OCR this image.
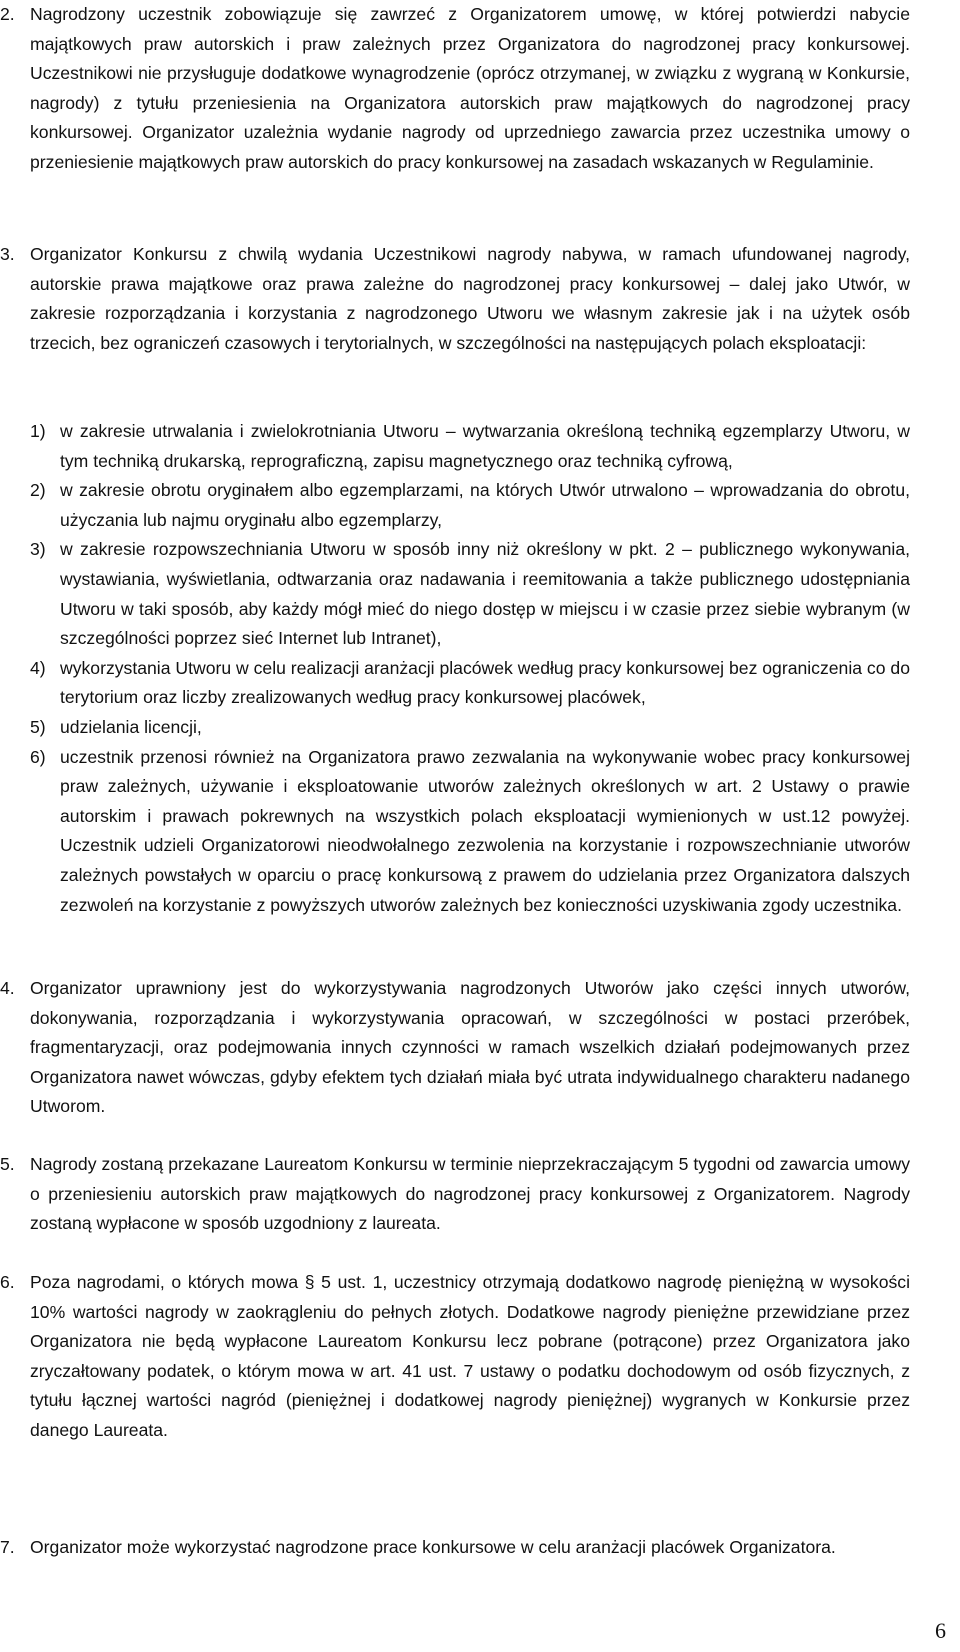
2. Nagrodzony uczestnik zobowiązuje się zawrzeć z Organizatorem umowę, w której potwierdzi nabycie majątkowych praw autorskich i praw zależnych przez Organizatora do nagrodzonej pracy konkursowej. Uczestnikowi nie przysługuje dodatkowe wynagrodzenie (oprócz otrzymanej, w związku z wygraną w Konkursie, nagrody) z tytułu przeniesienia na Organizatora autorskich praw majątkowych do nagrodzonej pracy konkursowej. Organizator uzależnia wydanie nagrody od uprzedniego zawarcia przez uczestnika umowy o przeniesienie majątkowych praw autorskich do pracy konkursowej na zasadach wskazanych w Regulaminie.
3. Organizator Konkursu z chwilą wydania Uczestnikowi nagrody nabywa, w ramach ufundowanej nagrody, autorskie prawa majątkowe oraz prawa zależne do nagrodzonej pracy konkursowej – dalej jako Utwór, w zakresie rozporządzania i korzystania z nagrodzonego Utworu we własnym zakresie jak i na użytek osób trzecich, bez ograniczeń czasowych i terytorialnych, w szczególności na następujących polach eksploatacji:
1) w zakresie utrwalania i zwielokrotniania Utworu – wytwarzania określoną techniką egzemplarzy Utworu, w tym techniką drukarską, reprograficzną, zapisu magnetycznego oraz techniką cyfrową,
2) w zakresie obrotu oryginałem albo egzemplarzami, na których Utwór utrwalono – wprowadzania do obrotu, użyczania lub najmu oryginału albo egzemplarzy,
3) w zakresie rozpowszechniania Utworu w sposób inny niż określony w pkt. 2 – publicznego wykonywania, wystawiania, wyświetlania, odtwarzania oraz nadawania i reemitowania a także publicznego udostępniania Utworu w taki sposób, aby każdy mógł mieć do niego dostęp w miejscu i w czasie przez siebie wybranym (w szczególności poprzez sieć Internet lub Intranet),
4) wykorzystania Utworu w celu realizacji aranżacji placówek według pracy konkursowej bez ograniczenia co do terytorium oraz liczby zrealizowanych według pracy konkursowej placówek,
5) udzielania licencji,
6) uczestnik przenosi również na Organizatora prawo zezwalania na wykonywanie wobec pracy konkursowej praw zależnych, używanie i eksploatowanie utworów zależnych określonych w art. 2 Ustawy o prawie autorskim i prawach pokrewnych na wszystkich polach eksploatacji wymienionych w ust.12 powyżej. Uczestnik udzieli Organizatorowi nieodwołalnego zezwolenia na korzystanie i rozpowszechnianie utworów zależnych powstałych w oparciu o pracę konkursową z prawem do udzielania przez Organizatora dalszych zezwoleń na korzystanie z powyższych utworów zależnych bez konieczności uzyskiwania zgody uczestnika.
4. Organizator uprawniony jest do wykorzystywania nagrodzonych Utworów jako części innych utworów, dokonywania, rozporządzania i wykorzystywania opracowań, w szczególności w postaci przeróbek, fragmentaryzacji, oraz podejmowania innych czynności w ramach wszelkich działań podejmowanych przez Organizatora nawet wówczas, gdyby efektem tych działań miała być utrata indywidualnego charakteru nadanego Utworom.
5. Nagrody zostaną przekazane Laureatom Konkursu w terminie nieprzekraczającym 5 tygodni od zawarcia umowy o przeniesieniu autorskich praw majątkowych do nagrodzonej pracy konkursowej z Organizatorem. Nagrody zostaną wypłacone w sposób uzgodniony z laureata.
6. Poza nagrodami, o których mowa § 5 ust. 1, uczestnicy otrzymają dodatkowo nagrodę pieniężną w wysokości 10% wartości nagrody w zaokrągleniu do pełnych złotych. Dodatkowe nagrody pieniężne przewidziane przez Organizatora nie będą wypłacone Laureatom Konkursu lecz pobrane (potrącone) przez Organizatora jako zryczałtowany podatek, o którym mowa w art. 41 ust. 7 ustawy o podatku dochodowym od osób fizycznych, z tytułu łącznej wartości nagród (pieniężnej i dodatkowej nagrody pieniężnej) wygranych w Konkursie przez danego Laureata.
7. Organizator może wykorzystać nagrodzone prace konkursowe w celu aranżacji placówek Organizatora.
6
